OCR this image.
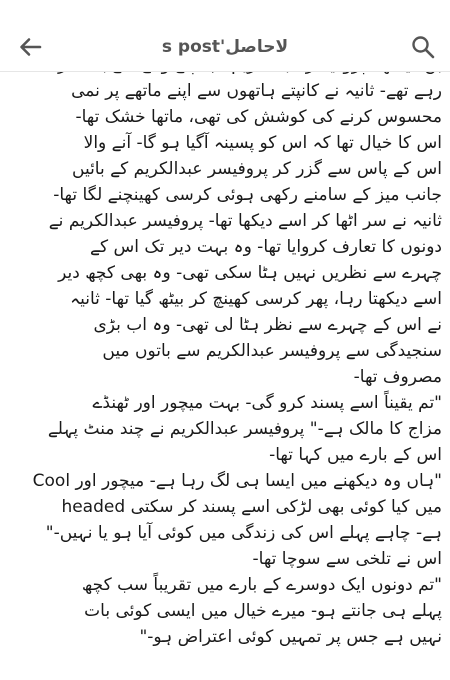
لاحاصل's post
رہے تھے- ثانیہ نے کانپتے ہاتھوں سے اپنے ماتھے پر نمی
محسوس کرنے کی کوشش کی تھی، ماتھا خشک تھا-
اس کا خیال تھا کہ اس کو پسینہ آگیا ہو گا- آنے والا
اس کے پاس سے گزر کر پروفیسر عبدالکریم کے بائیں
جانب میز کے سامنے رکھی ہوئی کرسی کھینچنے لگا تھا-
ثانیہ نے سر اٹھا کر اسے دیکھا تھا- پروفیسر عبدالکریم نے
دونوں کا تعارف کروایا تھا- وہ بہت دیر تک اس کے
چہرے سے نظریں نہیں ہٹا سکی تھی- وہ بھی کچھ دیر
اسے دیکھتا رہا، پھر کرسی کھینچ کر بیٹھ گیا تھا- ثانیہ
نے اس کے چہرے سے نظر ہٹا لی تھی- وہ اب بڑی
سنجیدگی سے پروفیسر عبدالکریم سے باتوں میں
مصروف تھا-
"تم یقیناً اسے پسند کرو گی- بہت میچور اور ٹھنڈے
مزاج کا مالک ہے-" پروفیسر عبدالکریم نے چند منٹ پہلے
اس کے بارے میں کہا تھا-
"ہاں وہ دیکھنے میں ایسا ہی لگ رہا ہے- میچور اور Cool
headed میں کیا کوئی بھی لڑکی اسے پسند کر سکتی
ہے- چاہے پہلے اس کی زندگی میں کوئی آیا ہو یا نہیں-"
اس نے تلخی سے سوچا تھا-
"تم دونوں ایک دوسرے کے بارے میں تقریباً سب کچھ
پہلے ہی جانتے ہو- میرے خیال میں ایسی کوئی بات
نہیں ہے جس پر تمہیں کوئی اعتراض ہو-"
